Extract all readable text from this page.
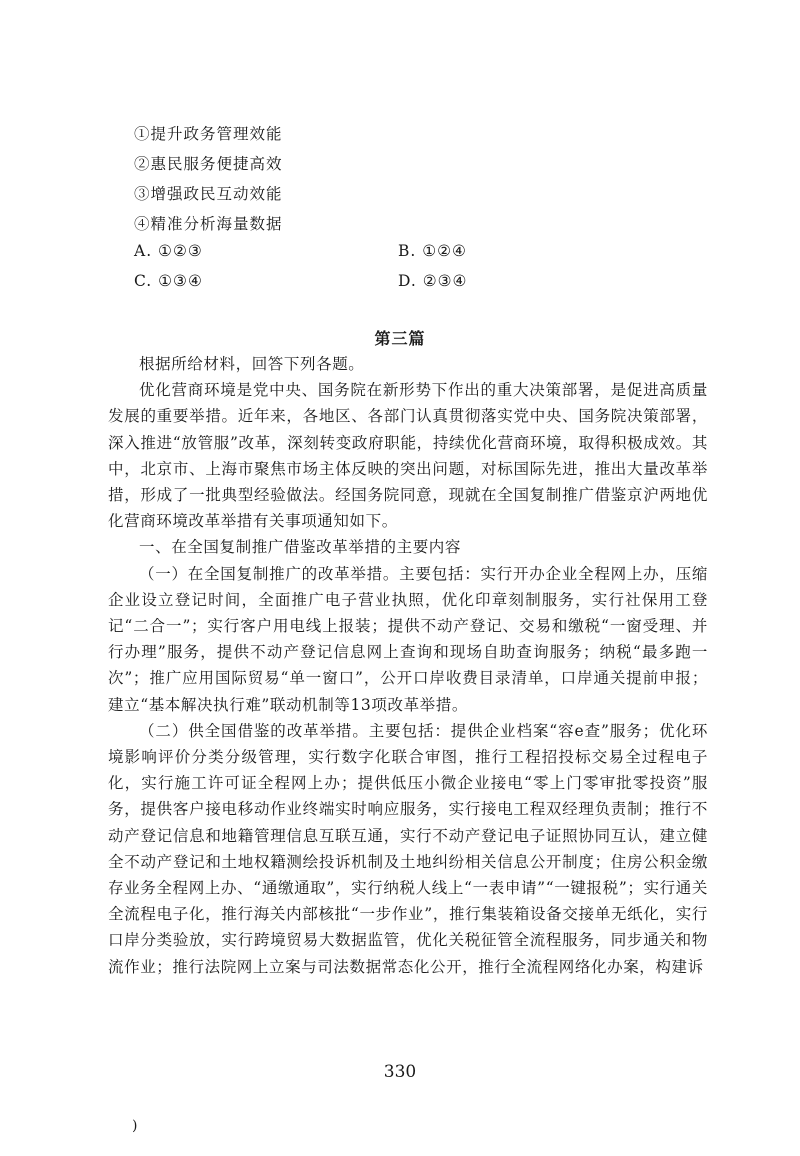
①提升政务管理效能
②惠民服务便捷高效
③增强政民互动效能
④精准分析海量数据
A. ①②③	B. ①②④
C. ①③④	D. ②③④
第三篇

根据所给材料，回答下列各题。

优化营商环境是党中央、国务院在新形势下作出的重大决策部署，是促进高质量发展的重要举措。近年来，各地区、各部门认真贯彻落实党中央、国务院决策部署，深入推进“放管服”改革，深刻转变政府职能，持续优化营商环境，取得积极成效。其中，北京市、上海市聚焦市场主体反映的突出问题，对标国际先进，推出大量改革举措，形成了一批典型经验做法。经国务院同意，现就在全国复制推广借鉴京沪两地优化营商环境改革举措有关事项通知如下。

一、在全国复制推广借鉴改革举措的主要内容

（一）在全国复制推广的改革举措。主要包括：实行开办企业全程网上办，压缩企业设立登记时间，全面推广电子营业执照，优化印章刻制服务，实行社保用工登记“二合一”；实行客户用电线上报装；提供不动产登记、交易和缴税“一窗受理、并行办理”服务，提供不动产登记信息网上查询和现场自助查询服务；纳税“最多跑一次”；推广应用国际贸易“单一窗口”，公开口岸收费目录清单，口岸通关提前申报；建立“基本解决执行难”联动机制等13项改革举措。

（二）供全国借鉴的改革举措。主要包括：提供企业档案“容e查”服务；优化环境影响评价分类分级管理，实行数字化联合审图，推行工程招投标交易全过程电子化，实行施工许可证全程网上办；提供低压小微企业接电“零上门零审批零投资”服务，提供客户接电移动作业终端实时响应服务，实行接电工程双经理负责制；推行不动产登记信息和地籍管理信息互联互通，实行不动产登记电子证照协同互认，建立健全不动产登记和土地权籍测绘投诉机制及土地纠纷相关信息公开制度；住房公积金缴存业务全程网上办、“通缴通取”，实行纳税人线上“一表申请”“一键报税”；实行通关全流程电子化，推行海关内部核批“一步作业”，推行集装箱设备交接单无纸化，实行口岸分类验放，实行跨境贸易大数据监管，优化关税征管全流程服务，同步通关和物流作业；推行法院网上立案与司法数据常态化公开，推行全流程网络化办案，构建诉

330
)
